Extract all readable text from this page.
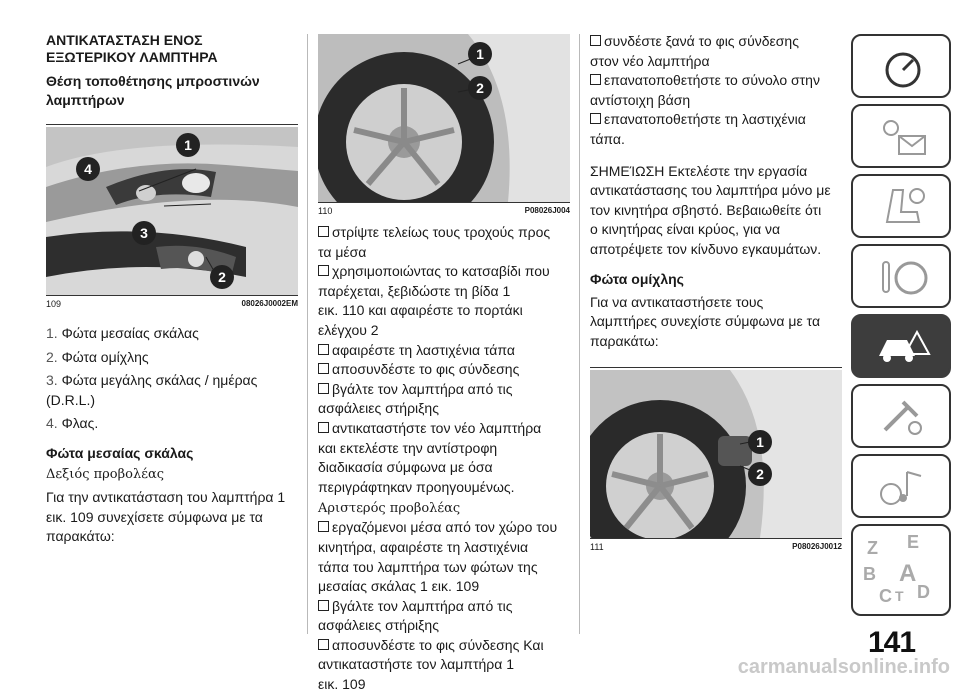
ΑΝΤΙΚΑΤΑΣΤΑΣΗ ΕΝΟΣ
ΕΞΩΤΕΡΙΚΟΥ ΛΑΜΠΤΗΡΑ
Θέση τοποθέτησης μπροστινών
λαμπτήρων
1
2
3
4
109	08026J0002EM

1. Φώτα μεσαίας σκάλας

2. Φώτα ομίχλης

3. Φώτα μεγάλης σκάλας / ημέρας

(D.R.L.)

4. Φλας.

Φώτα μεσαίας σκάλας
Δεξιός προβολέας

Για την αντικατάσταση του λαμπτήρα 1

εικ. 109 συνεχίσετε σύμφωνα με τα

παρακάτω:

1
2
110	P08026J004

στρίψτε τελείως τους τροχούς προς

τα μέσα

χρησιμοποιώντας το κατσαβίδι που

παρέχεται, ξεβιδώστε τη βίδα 1

εικ. 110 και αφαιρέστε το πορτάκι

ελέγχου 2

αφαιρέστε τη λαστιχένια τάπα

αποσυνδέστε το φις σύνδεσης

βγάλτε τον λαμπτήρα από τις

ασφάλειες στήριξης

αντικαταστήστε τον νέο λαμπτήρα

και εκτελέστε την αντίστροφη

διαδικασία σύμφωνα με όσα

περιγράφτηκαν προηγουμένως.

Αριστερός προβολέας

εργαζόμενοι μέσα από τον χώρο του

κινητήρα, αφαιρέστε τη λαστιχένια

τάπα του λαμπτήρα των φώτων της

μεσαίας σκάλας 1 εικ. 109

βγάλτε τον λαμπτήρα από τις

ασφάλειες στήριξης

αποσυνδέστε το φις σύνδεσης Και

αντικαταστήστε τον λαμπτήρα 1

εικ. 109

συνδέστε ξανά το φις σύνδεσης

στον νέο λαμπτήρα

επανατοποθετήστε το σύνολο στην

αντίστοιχη βάση

επανατοποθετήστε τη λαστιχένια

τάπα.

ΣΗΜΕΊΩΣΗ Εκτελέστε την εργασία

αντικατάστασης του λαμπτήρα μόνο με

τον κινητήρα σβηστό. Βεβαιωθείτε ότι

ο κινητήρας είναι κρύος, για να

αποτρέψετε τον κίνδυνο εγκαυμάτων.

Φώτα ομίχλης

Για να αντικαταστήσετε τους

λαμπτήρες συνεχίστε σύμφωνα με τα

παρακάτω:

1
2
111	P08026J0012 Z E
B A
C T D
141
carmanualsonline.info
